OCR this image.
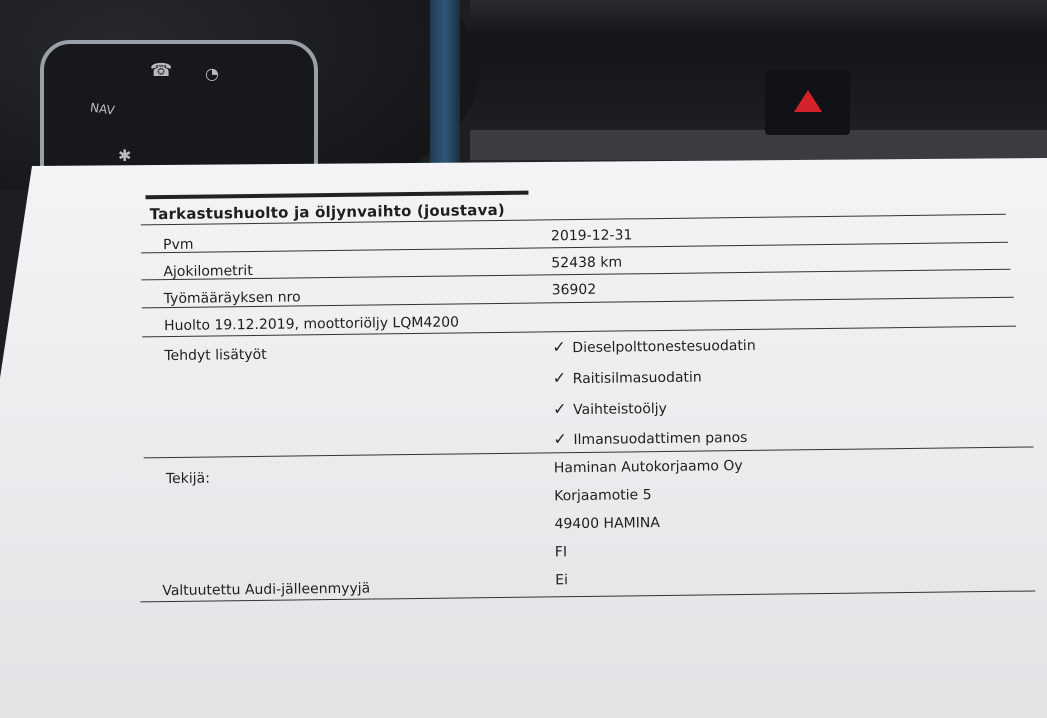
NAV
☎ ◔
✱
Tarkastushuolto ja öljynvaihto (joustava)
Pvm
2019-12-31
Ajokilometrit
52438 km
Työmääräyksen nro	36902
Huolto 19.12.2019, moottoriöljy LQM4200
Tehdyt lisätyöt	✓ Dieselpolttonestesuodatin
✓ Raitisilmasuodatin
✓ Vaihteistoöljy
✓ Ilmansuodattimen panos
Tekijä:
Haminan Autokorjaamo Oy
Korjaamotie 5
49400 HAMINA
FI
Valtuutettu Audi-jälleenmyyjä
Ei
